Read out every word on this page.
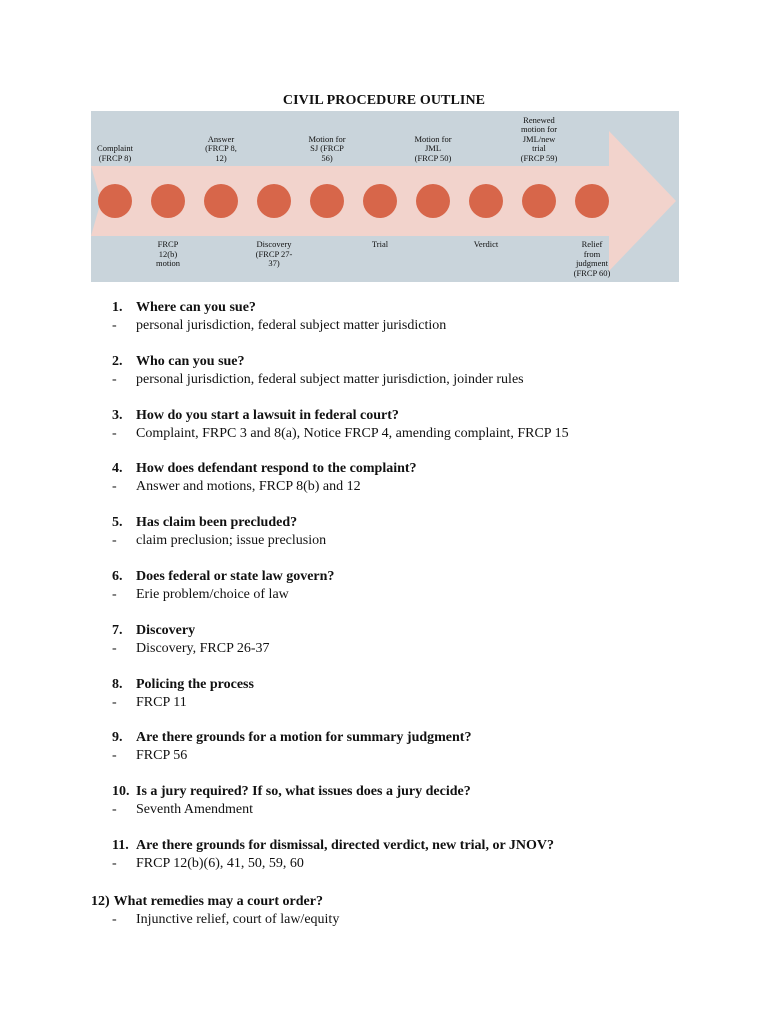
CIVIL PROCEDURE OUTLINE
Complaint
(FRCP 8)
Answer
(FRCP 8,
12)
Motion for
SJ (FRCP
56)
Motion for
JML
(FRCP 50)
Renewed
motion for
JML/new
trial
(FRCP 59)
FRCP
12(b)
motion
Discovery
(FRCP 27-
37)
Trial	Verdict	Relief
from
judgment
(FRCP 60)
1. Where can you sue?
- personal jurisdiction, federal subject matter jurisdiction
2. Who can you sue?
- personal jurisdiction, federal subject matter jurisdiction, joinder rules
3. How do you start a lawsuit in federal court?
- Complaint, FRPC 3 and 8(a), Notice FRCP 4, amending complaint, FRCP 15
4. How does defendant respond to the complaint?
- Answer and motions, FRCP 8(b) and 12
5. Has claim been precluded?
- claim preclusion; issue preclusion
6. Does federal or state law govern?
- Erie problem/choice of law
7. Discovery
- Discovery, FRCP 26-37
8. Policing the process
- FRCP 11
9. Are there grounds for a motion for summary judgment?
- FRCP 56
10. Is a jury required? If so, what issues does a jury decide?
- Seventh Amendment
11. Are there grounds for dismissal, directed verdict, new trial, or JNOV?
- FRCP 12(b)(6), 41, 50, 59, 60
12) What remedies may a court order?
- Injunctive relief, court of law/equity
